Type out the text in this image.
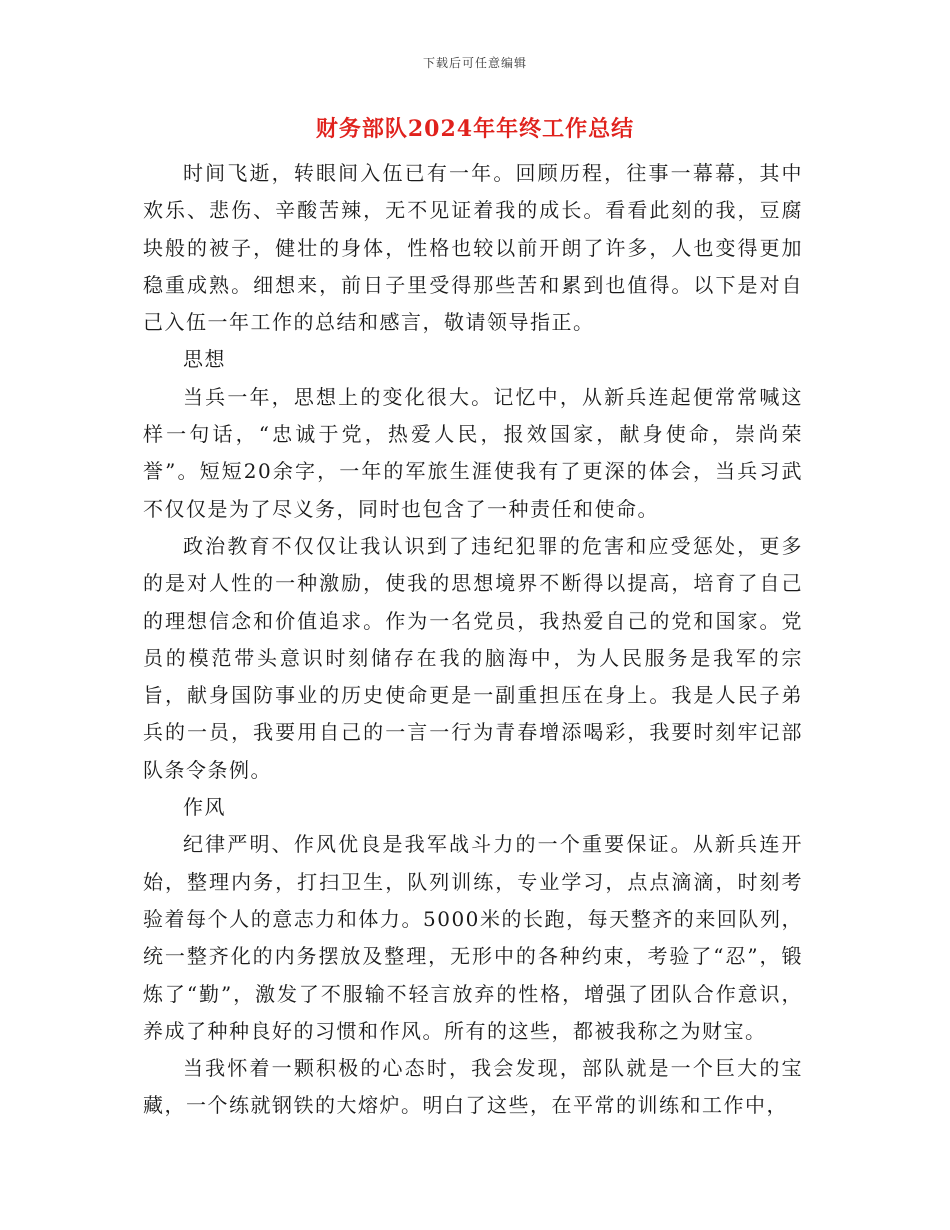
下载后可任意编辑
财务部队2024年年终工作总结

时间飞逝，转眼间入伍已有一年。回顾历程，往事一幕幕，其中欢乐、悲伤、辛酸苦辣，无不见证着我的成长。看看此刻的我，豆腐块般的被子，健壮的身体，性格也较以前开朗了许多，人也变得更加稳重成熟。细想来，前日子里受得那些苦和累到也值得。以下是对自己入伍一年工作的总结和感言，敬请领导指正。

思想

当兵一年，思想上的变化很大。记忆中，从新兵连起便常常喊这样一句话，“忠诚于党，热爱人民，报效国家，献身使命，崇尚荣誉”。短短20余字，一年的军旅生涯使我有了更深的体会，当兵习武不仅仅是为了尽义务，同时也包含了一种责任和使命。

政治教育不仅仅让我认识到了违纪犯罪的危害和应受惩处，更多的是对人性的一种激励，使我的思想境界不断得以提高，培育了自己的理想信念和价值追求。作为一名党员，我热爱自己的党和国家。党员的模范带头意识时刻储存在我的脑海中，为人民服务是我军的宗旨，献身国防事业的历史使命更是一副重担压在身上。我是人民子弟兵的一员，我要用自己的一言一行为青春增添喝彩，我要时刻牢记部队条令条例。

作风

纪律严明、作风优良是我军战斗力的一个重要保证。从新兵连开始，整理内务，打扫卫生，队列训练，专业学习，点点滴滴，时刻考验着每个人的意志力和体力。5000米的长跑，每天整齐的来回队列，统一整齐化的内务摆放及整理，无形中的各种约束，考验了“忍”，锻炼了“勤”，激发了不服输不轻言放弃的性格，增强了团队合作意识，养成了种种良好的习惯和作风。所有的这些，都被我称之为财宝。

当我怀着一颗积极的心态时，我会发现，部队就是一个巨大的宝藏，一个练就钢铁的大熔炉。明白了这些，在平常的训练和工作中，
